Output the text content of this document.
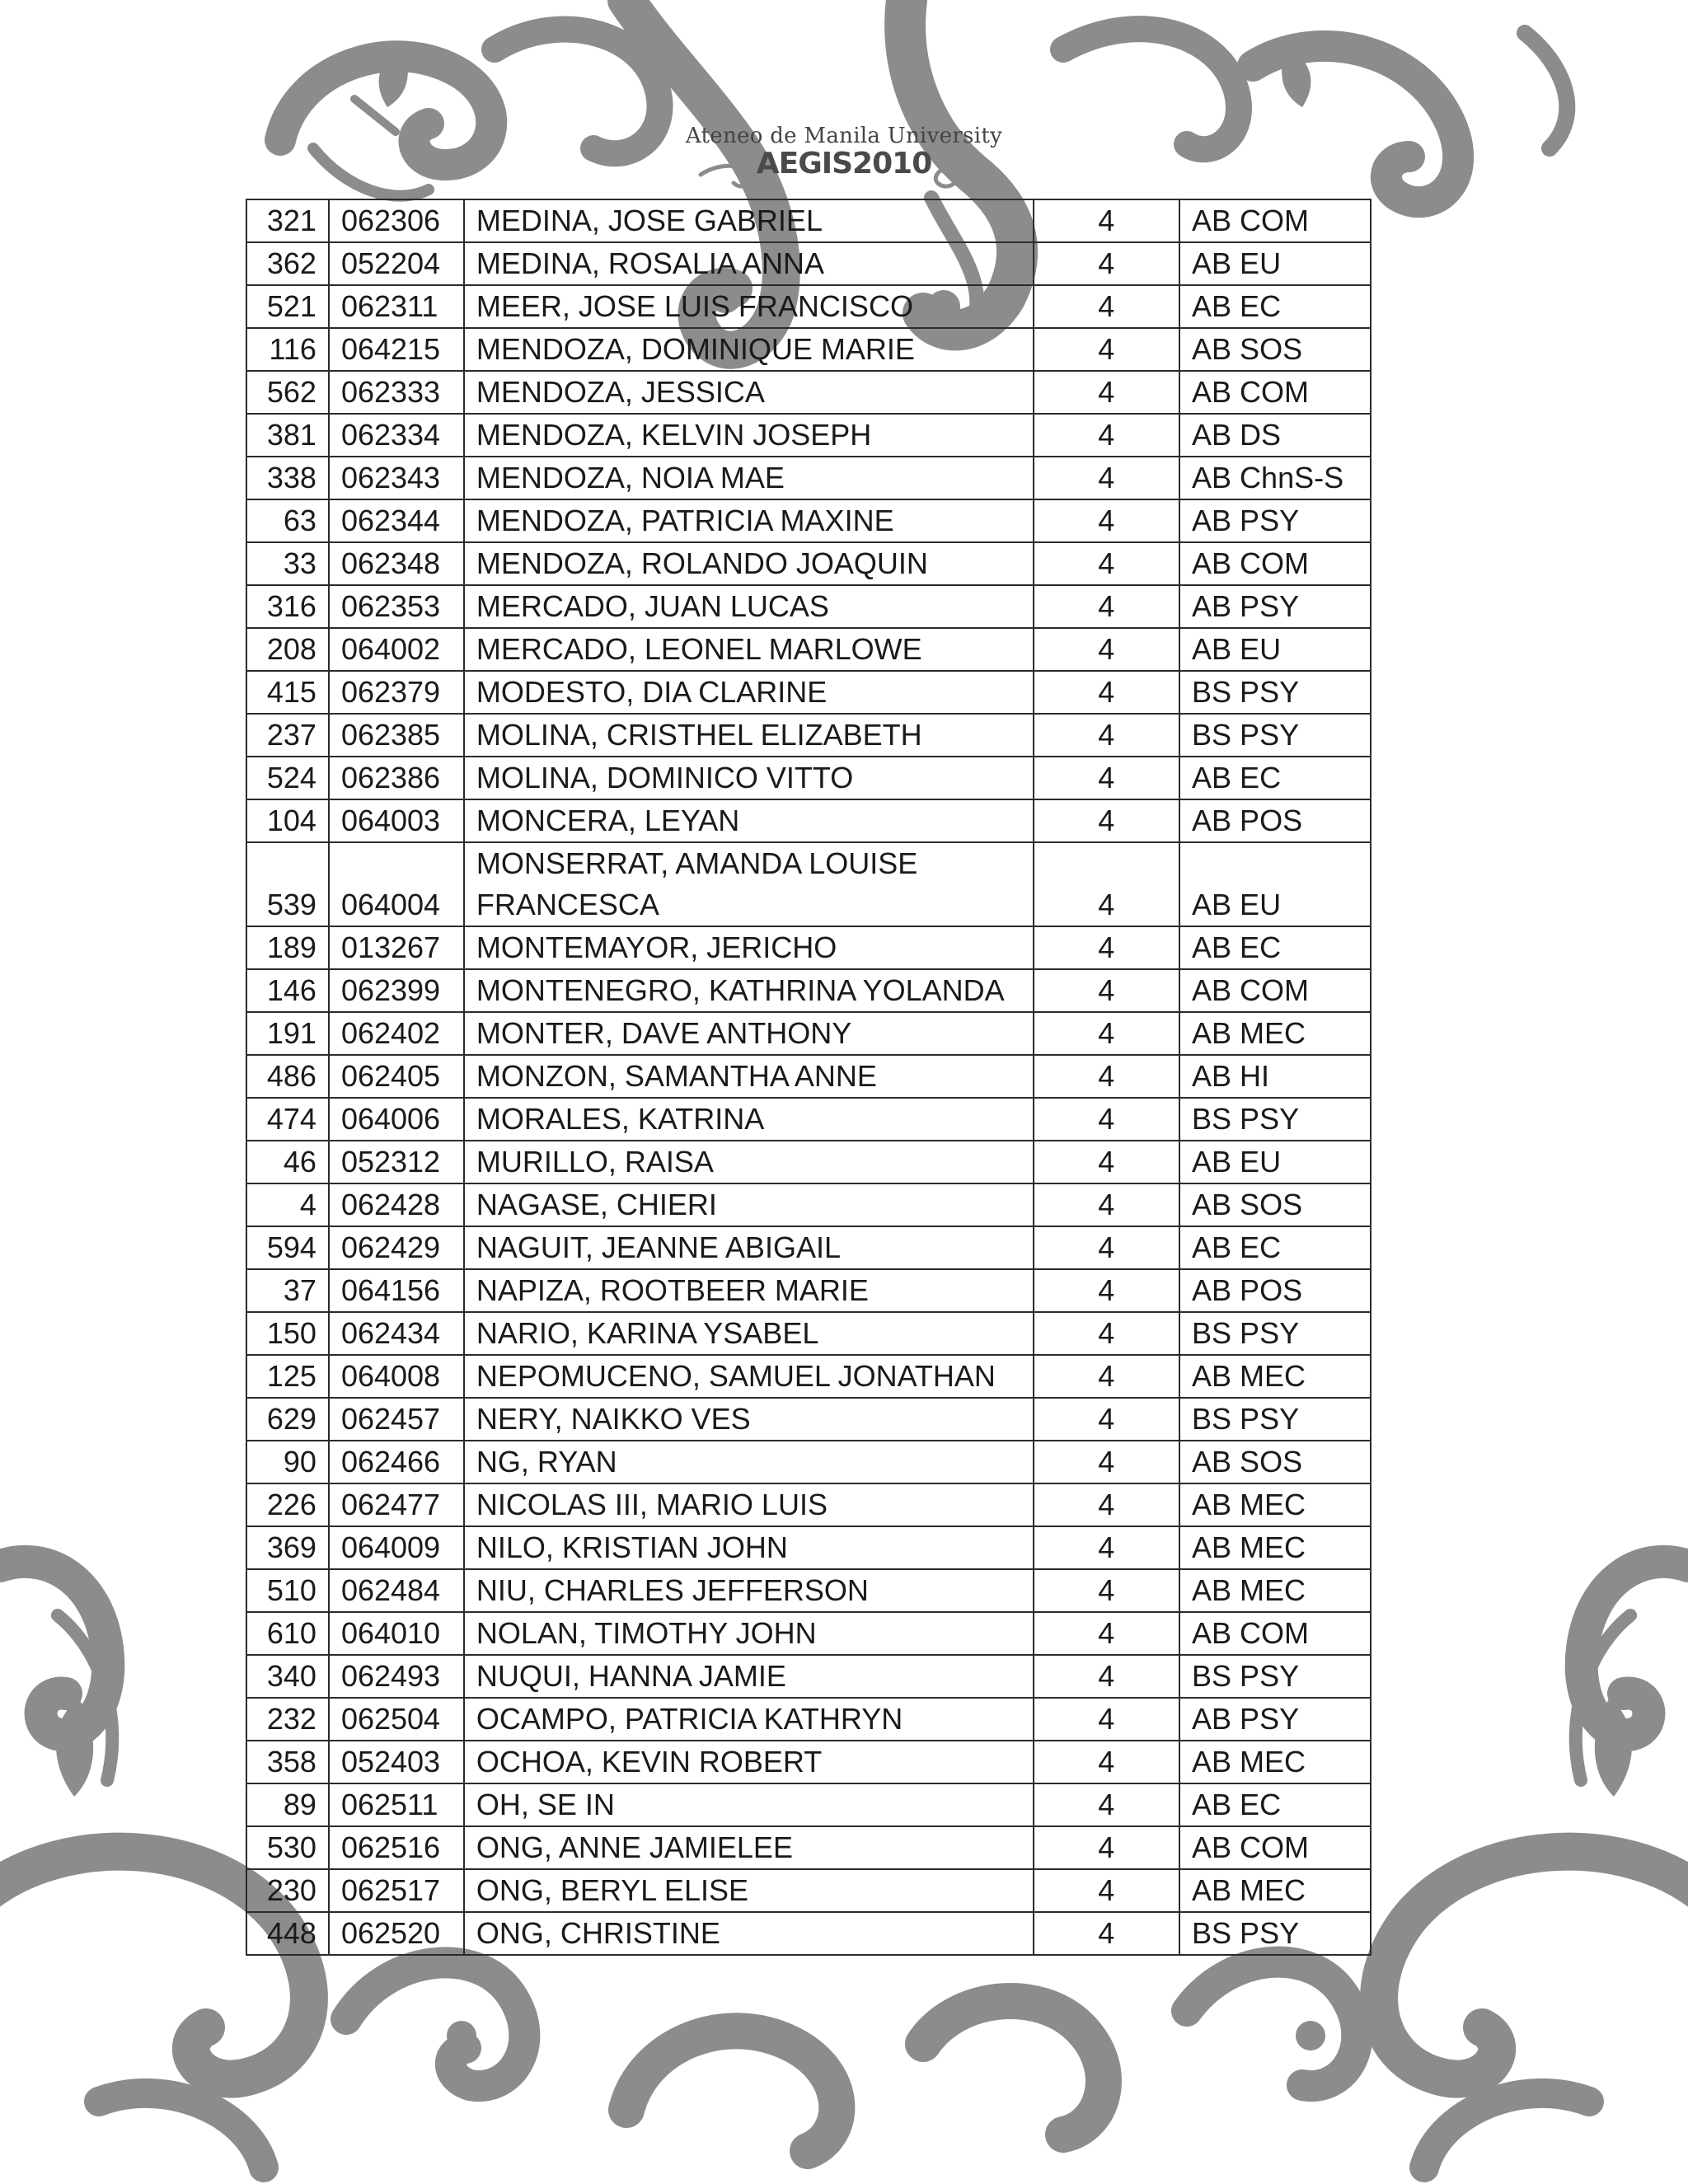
Ateneo de Manila University
AEGIS2010
321	062306	MEDINA, JOSE GABRIEL	4	AB COM
362	052204	MEDINA, ROSALIA ANNA	4	AB EU
521	062311	MEER, JOSE LUIS FRANCISCO	4	AB EC
116	064215	MENDOZA, DOMINIQUE MARIE	4	AB SOS
562	062333	MENDOZA, JESSICA	4	AB COM
381	062334	MENDOZA, KELVIN JOSEPH	4	AB DS
338	062343	MENDOZA, NOIA MAE	4	AB ChnS-S
63	062344	MENDOZA, PATRICIA MAXINE	4	AB PSY
33	062348	MENDOZA, ROLANDO JOAQUIN	4	AB COM
316	062353	MERCADO, JUAN LUCAS	4	AB PSY
208	064002	MERCADO, LEONEL MARLOWE	4	AB EU
415	062379	MODESTO, DIA CLARINE	4	BS PSY
237	062385	MOLINA, CRISTHEL ELIZABETH	4	BS PSY
524	062386	MOLINA, DOMINICO VITTO	4	AB EC
104	064003	MONCERA, LEYAN	4	AB POS
539	064004	MONSERRAT, AMANDA LOUISE FRANCESCA	4	AB EU
189	013267	MONTEMAYOR, JERICHO	4	AB EC
146	062399	MONTENEGRO, KATHRINA YOLANDA	4	AB COM
191	062402	MONTER, DAVE ANTHONY	4	AB MEC
486	062405	MONZON, SAMANTHA ANNE	4	AB HI
474	064006	MORALES, KATRINA	4	BS PSY
46	052312	MURILLO, RAISA	4	AB EU
4	062428	NAGASE, CHIERI	4	AB SOS
594	062429	NAGUIT, JEANNE ABIGAIL	4	AB EC
37	064156	NAPIZA, ROOTBEER MARIE	4	AB POS
150	062434	NARIO, KARINA YSABEL	4	BS PSY
125	064008	NEPOMUCENO, SAMUEL JONATHAN	4	AB MEC
629	062457	NERY, NAIKKO VES	4	BS PSY
90	062466	NG, RYAN	4	AB SOS
226	062477	NICOLAS III, MARIO LUIS	4	AB MEC
369	064009	NILO, KRISTIAN JOHN	4	AB MEC
510	062484	NIU, CHARLES JEFFERSON	4	AB MEC
610	064010	NOLAN, TIMOTHY JOHN	4	AB COM
340	062493	NUQUI, HANNA JAMIE	4	BS PSY
232	062504	OCAMPO, PATRICIA KATHRYN	4	AB PSY
358	052403	OCHOA, KEVIN ROBERT	4	AB MEC
89	062511	OH, SE IN	4	AB EC
530	062516	ONG, ANNE JAMIELEE	4	AB COM
230	062517	ONG, BERYL ELISE	4	AB MEC
448	062520	ONG, CHRISTINE	4	BS PSY
